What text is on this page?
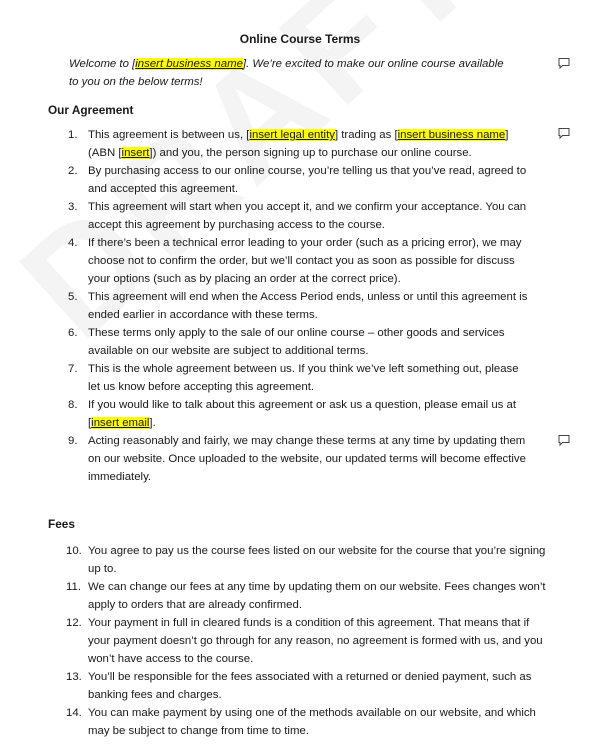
Online Course Terms
Welcome to [insert business name]. We’re excited to make our online course available to you on the below terms!
Our Agreement
1. This agreement is between us, [insert legal entity] trading as [insert business name] (ABN [insert]) and you, the person signing up to purchase our online course.
2. By purchasing access to our online course, you’re telling us that you’ve read, agreed to and accepted this agreement.
3. This agreement will start when you accept it, and we confirm your acceptance. You can accept this agreement by purchasing access to the course.
4. If there’s been a technical error leading to your order (such as a pricing error), we may choose not to confirm the order, but we’ll contact you as soon as possible for discuss your options (such as by placing an order at the correct price).
5. This agreement will end when the Access Period ends, unless or until this agreement is ended earlier in accordance with these terms.
6. These terms only apply to the sale of our online course – other goods and services available on our website are subject to additional terms.
7. This is the whole agreement between us. If you think we’ve left something out, please let us know before accepting this agreement.
8. If you would like to talk about this agreement or ask us a question, please email us at [insert email].
9. Acting reasonably and fairly, we may change these terms at any time by updating them on our website. Once uploaded to the website, our updated terms will become effective immediately.
Fees
10. You agree to pay us the course fees listed on our website for the course that you’re signing up to.
11. We can change our fees at any time by updating them on our website. Fees changes won’t apply to orders that are already confirmed.
12. Your payment in full in cleared funds is a condition of this agreement. That means that if your payment doesn’t go through for any reason, no agreement is formed with us, and you won’t have access to the course.
13. You’ll be responsible for the fees associated with a returned or denied payment, such as banking fees and charges.
14. You can make payment by using one of the methods available on our website, and which may be subject to change from time to time.
